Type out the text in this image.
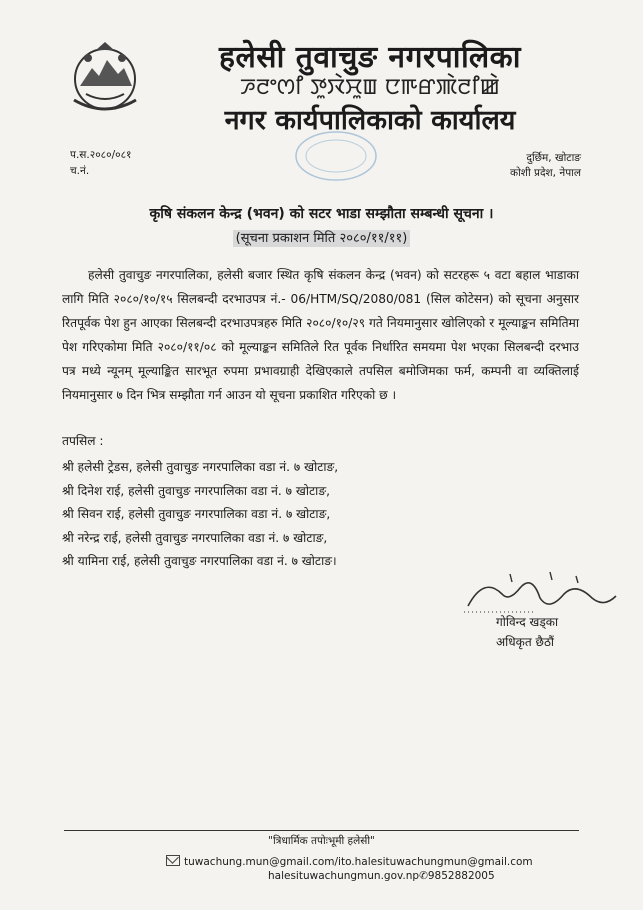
हलेसी तुवाचुङ नगरपालिका
ꯍꯂꯦꯁꯤ ꯇꯨꯋꯥꯆꯨꯡ ꯅꯒꯔꯄꯥꯂꯤꯀꯥ
नगर कार्यपालिकाको कार्यालय
प.स.२०८०/०८१
च.नं.
दुर्छिम, खोटाङ
कोशी प्रदेश, नेपाल
कृषि संकलन केन्द्र (भवन) को सटर भाडा सम्झौता सम्बन्धी सूचना ।
(सूचना प्रकाशन मिति २०८०/११/११)
हलेसी तुवाचुङ नगरपालिका, हलेसी बजार स्थित कृषि संकलन केन्द्र (भवन) को सटरहरू ५ वटा बहाल भाडाका लागि मिति २०८०/१०/१५ सिलबन्दी दरभाउपत्र नं.- 06/HTM/SQ/2080/081 (सिल कोटेसन) को सूचना अनुसार रितपूर्वक पेश हुन आएका सिलबन्दी दरभाउपत्रहरु मिति २०८०/१०/२९ गते नियमानुसार खोलिएको र मूल्याङ्कन समितिमा पेश गरिएकोमा मिति २०८०/११/०८ को मूल्याङ्कन समितिले रित पूर्वक निर्धारित समयमा पेश भएका सिलबन्दी दरभाउ पत्र मध्ये न्यूनम् मूल्याङ्कित सारभूत रुपमा प्रभावग्राही देखिएकाले तपसिल बमोजिमका फर्म, कम्पनी वा व्यक्तिलाई नियमानुसार ७ दिन भित्र सम्झौता गर्न आउन यो सूचना प्रकाशित गरिएको छ ।
तपसिल :
श्री हलेसी ट्रेडस, हलेसी तुवाचुङ नगरपालिका वडा नं. ७ खोटाङ,
श्री दिनेश राई, हलेसी तुवाचुङ नगरपालिका वडा नं. ७ खोटाङ,
श्री सिवन राई, हलेसी तुवाचुङ नगरपालिका वडा नं. ७ खोटाङ,
श्री नरेन्द्र राई, हलेसी तुवाचुङ नगरपालिका वडा नं. ७ खोटाङ,
श्री यामिना राई, हलेसी तुवाचुङ नगरपालिका वडा नं. ७ खोटाङ।
गोविन्द खड्का
अधिकृत छैठौं
"त्रिधार्मिक तपोःभूमी हलेसी"
tuwachung.mun@gmail.com/ito.halesituwachungmun@gmail.com
halesituwachungmun.gov.np✆9852882005
